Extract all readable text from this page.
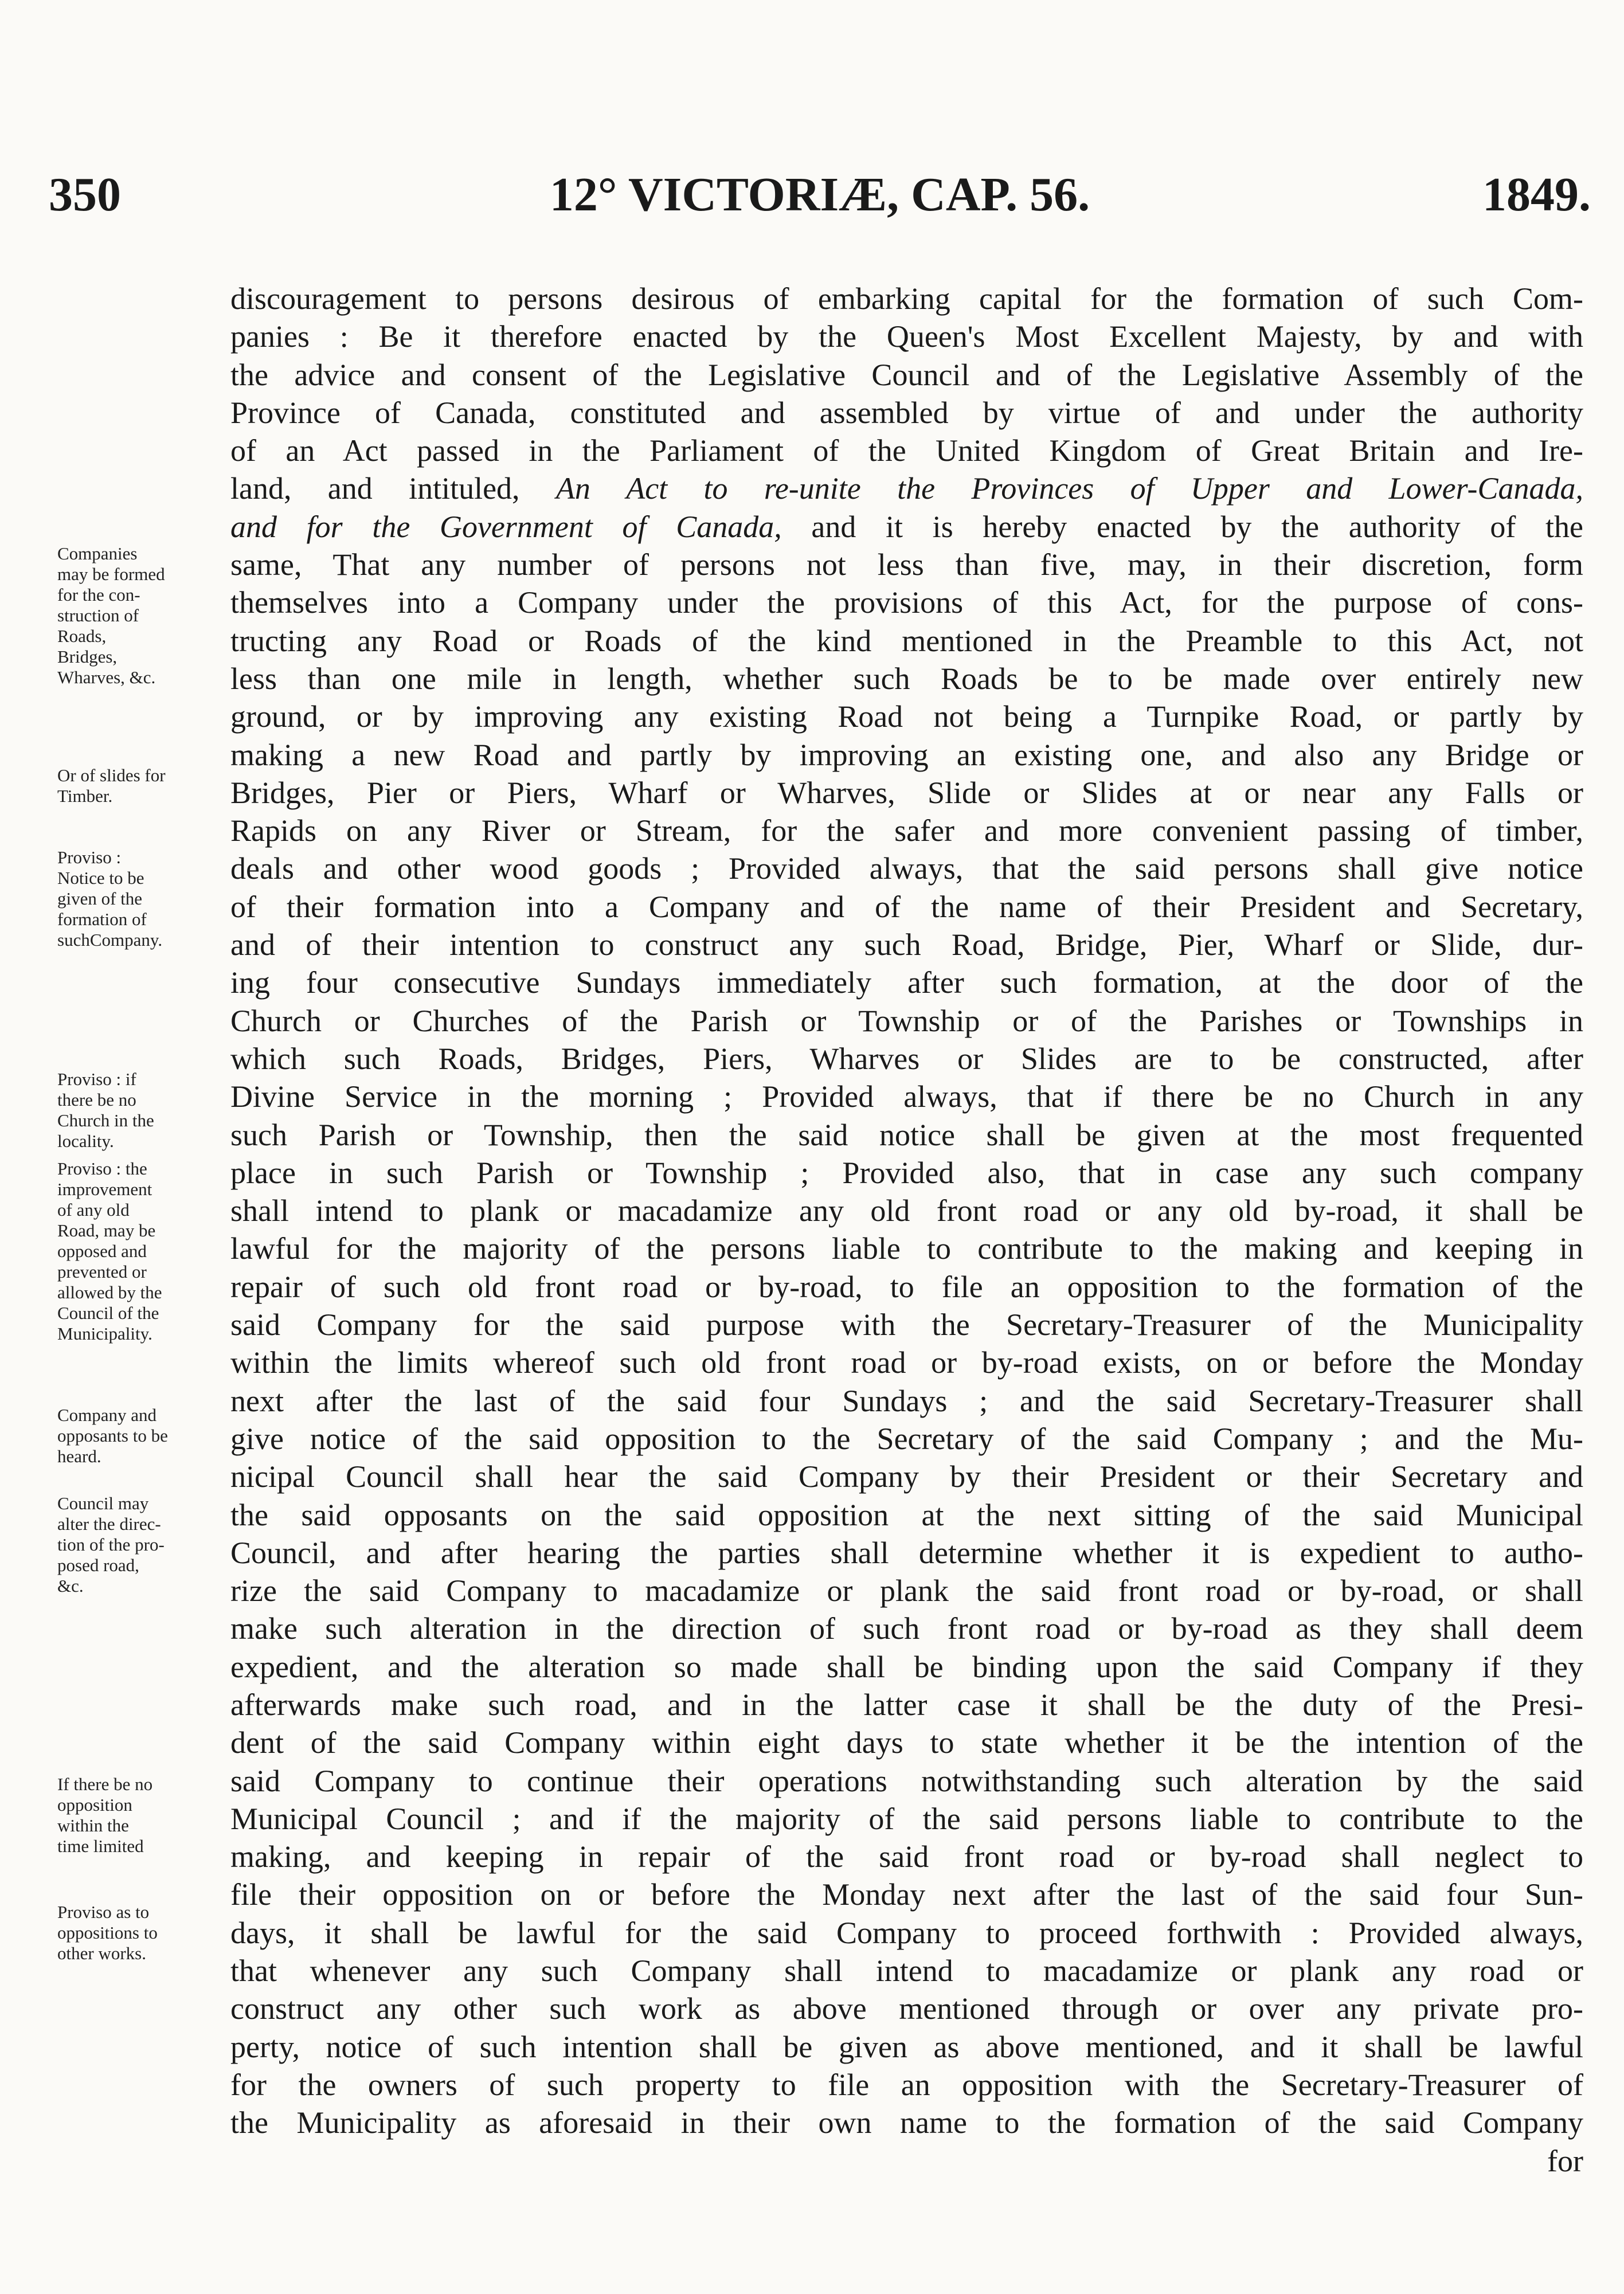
350	12° VICTORIÆ, CAP. 56.	1849.
discouragement to persons desirous of embarking capital for the formation of such Com-
panies : Be it therefore enacted by the Queen's Most Excellent Majesty, by and with
the advice and consent of the Legislative Council and of the Legislative Assembly of the
Province of Canada, constituted and assembled by virtue of and under the authority
of an Act passed in the Parliament of the United Kingdom of Great Britain and Ire-
land, and intituled, An Act to re-unite the Provinces of Upper and Lower-Canada,
and for the Government of Canada, and it is hereby enacted by the authority of the
same, That any number of persons not less than five, may, in their discretion, form
themselves into a Company under the provisions of this Act, for the purpose of cons-
tructing any Road or Roads of the kind mentioned in the Preamble to this Act, not
less than one mile in length, whether such Roads be to be made over entirely new
ground, or by improving any existing Road not being a Turnpike Road, or partly by
making a new Road and partly by improving an existing one, and also any Bridge or
Bridges, Pier or Piers, Wharf or Wharves, Slide or Slides at or near any Falls or
Rapids on any River or Stream, for the safer and more convenient passing of timber,
deals and other wood goods ; Provided always, that the said persons shall give notice
of their formation into a Company and of the name of their President and Secretary,
and of their intention to construct any such Road, Bridge, Pier, Wharf or Slide, dur-
ing four consecutive Sundays immediately after such formation, at the door of the
Church or Churches of the Parish or Township or of the Parishes or Townships in
which such Roads, Bridges, Piers, Wharves or Slides are to be constructed, after
Divine Service in the morning ; Provided always, that if there be no Church in any
such Parish or Township, then the said notice shall be given at the most frequented
place in such Parish or Township ; Provided also, that in case any such company
shall intend to plank or macadamize any old front road or any old by-road, it shall be
lawful for the majority of the persons liable to contribute to the making and keeping in
repair of such old front road or by-road, to file an opposition to the formation of the
said Company for the said purpose with the Secretary-Treasurer of the Municipality
within the limits whereof such old front road or by-road exists, on or before the Monday
next after the last of the said four Sundays ; and the said Secretary-Treasurer shall
give notice of the said opposition to the Secretary of the said Company ; and the Mu-
nicipal Council shall hear the said Company by their President or their Secretary and
the said opposants on the said opposition at the next sitting of the said Municipal
Council, and after hearing the parties shall determine whether it is expedient to autho-
rize the said Company to macadamize or plank the said front road or by-road, or shall
make such alteration in the direction of such front road or by-road as they shall deem
expedient, and the alteration so made shall be binding upon the said Company if they
afterwards make such road, and in the latter case it shall be the duty of the Presi-
dent of the said Company within eight days to state whether it be the intention of the
said Company to continue their operations notwithstanding such alteration by the said
Municipal Council ; and if the majority of the said persons liable to contribute to the
making, and keeping in repair of the said front road or by-road shall neglect to
file their opposition on or before the Monday next after the last of the said four Sun-
days, it shall be lawful for the said Company to proceed forthwith : Provided always,
that whenever any such Company shall intend to macadamize or plank any road or
construct any other such work as above mentioned through or over any private pro-
perty, notice of such intention shall be given as above mentioned, and it shall be lawful
for the owners of such property to file an opposition with the Secretary-Treasurer of
the Municipality as aforesaid in their own name to the formation of the said Company
for
Companies
may be formed
for the con-
struction of
Roads,
Bridges,
Wharves, &c.
Or of slides for
Timber.
Proviso :
Notice to be
given of the
formation of
suchCompany.
Proviso : if
there be no
Church in the
locality.
Proviso : the
improvement
of any old
Road, may be
opposed and
prevented or
allowed by the
Council of the
Municipality.
Company and
opposants to be
heard.
Council may
alter the direc-
tion of the pro-
posed road,
&c.
If there be no
opposition
within the
time limited
Proviso as to
oppositions to
other works.
